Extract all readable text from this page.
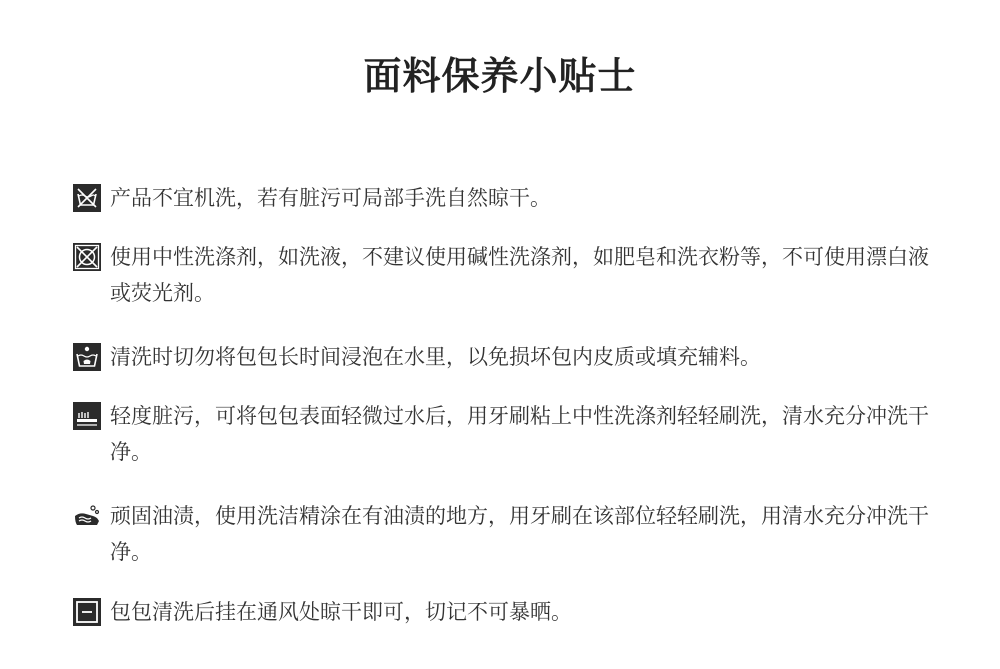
面料保养小贴士
产品不宜机洗，若有脏污可局部手洗自然晾干。
使用中性洗涤剂，如洗液，不建议使用碱性洗涤剂，如肥皂和洗衣粉等，不可使用漂白液或荧光剂。
清洗时切勿将包包长时间浸泡在水里，以免损坏包内皮质或填充辅料。
轻度脏污，可将包包表面轻微过水后，用牙刷粘上中性洗涤剂轻轻刷洗，清水充分冲洗干净。
顽固油渍，使用洗洁精涂在有油渍的地方，用牙刷在该部位轻轻刷洗，用清水充分冲洗干净。
包包清洗后挂在通风处晾干即可，切记不可暴晒。
